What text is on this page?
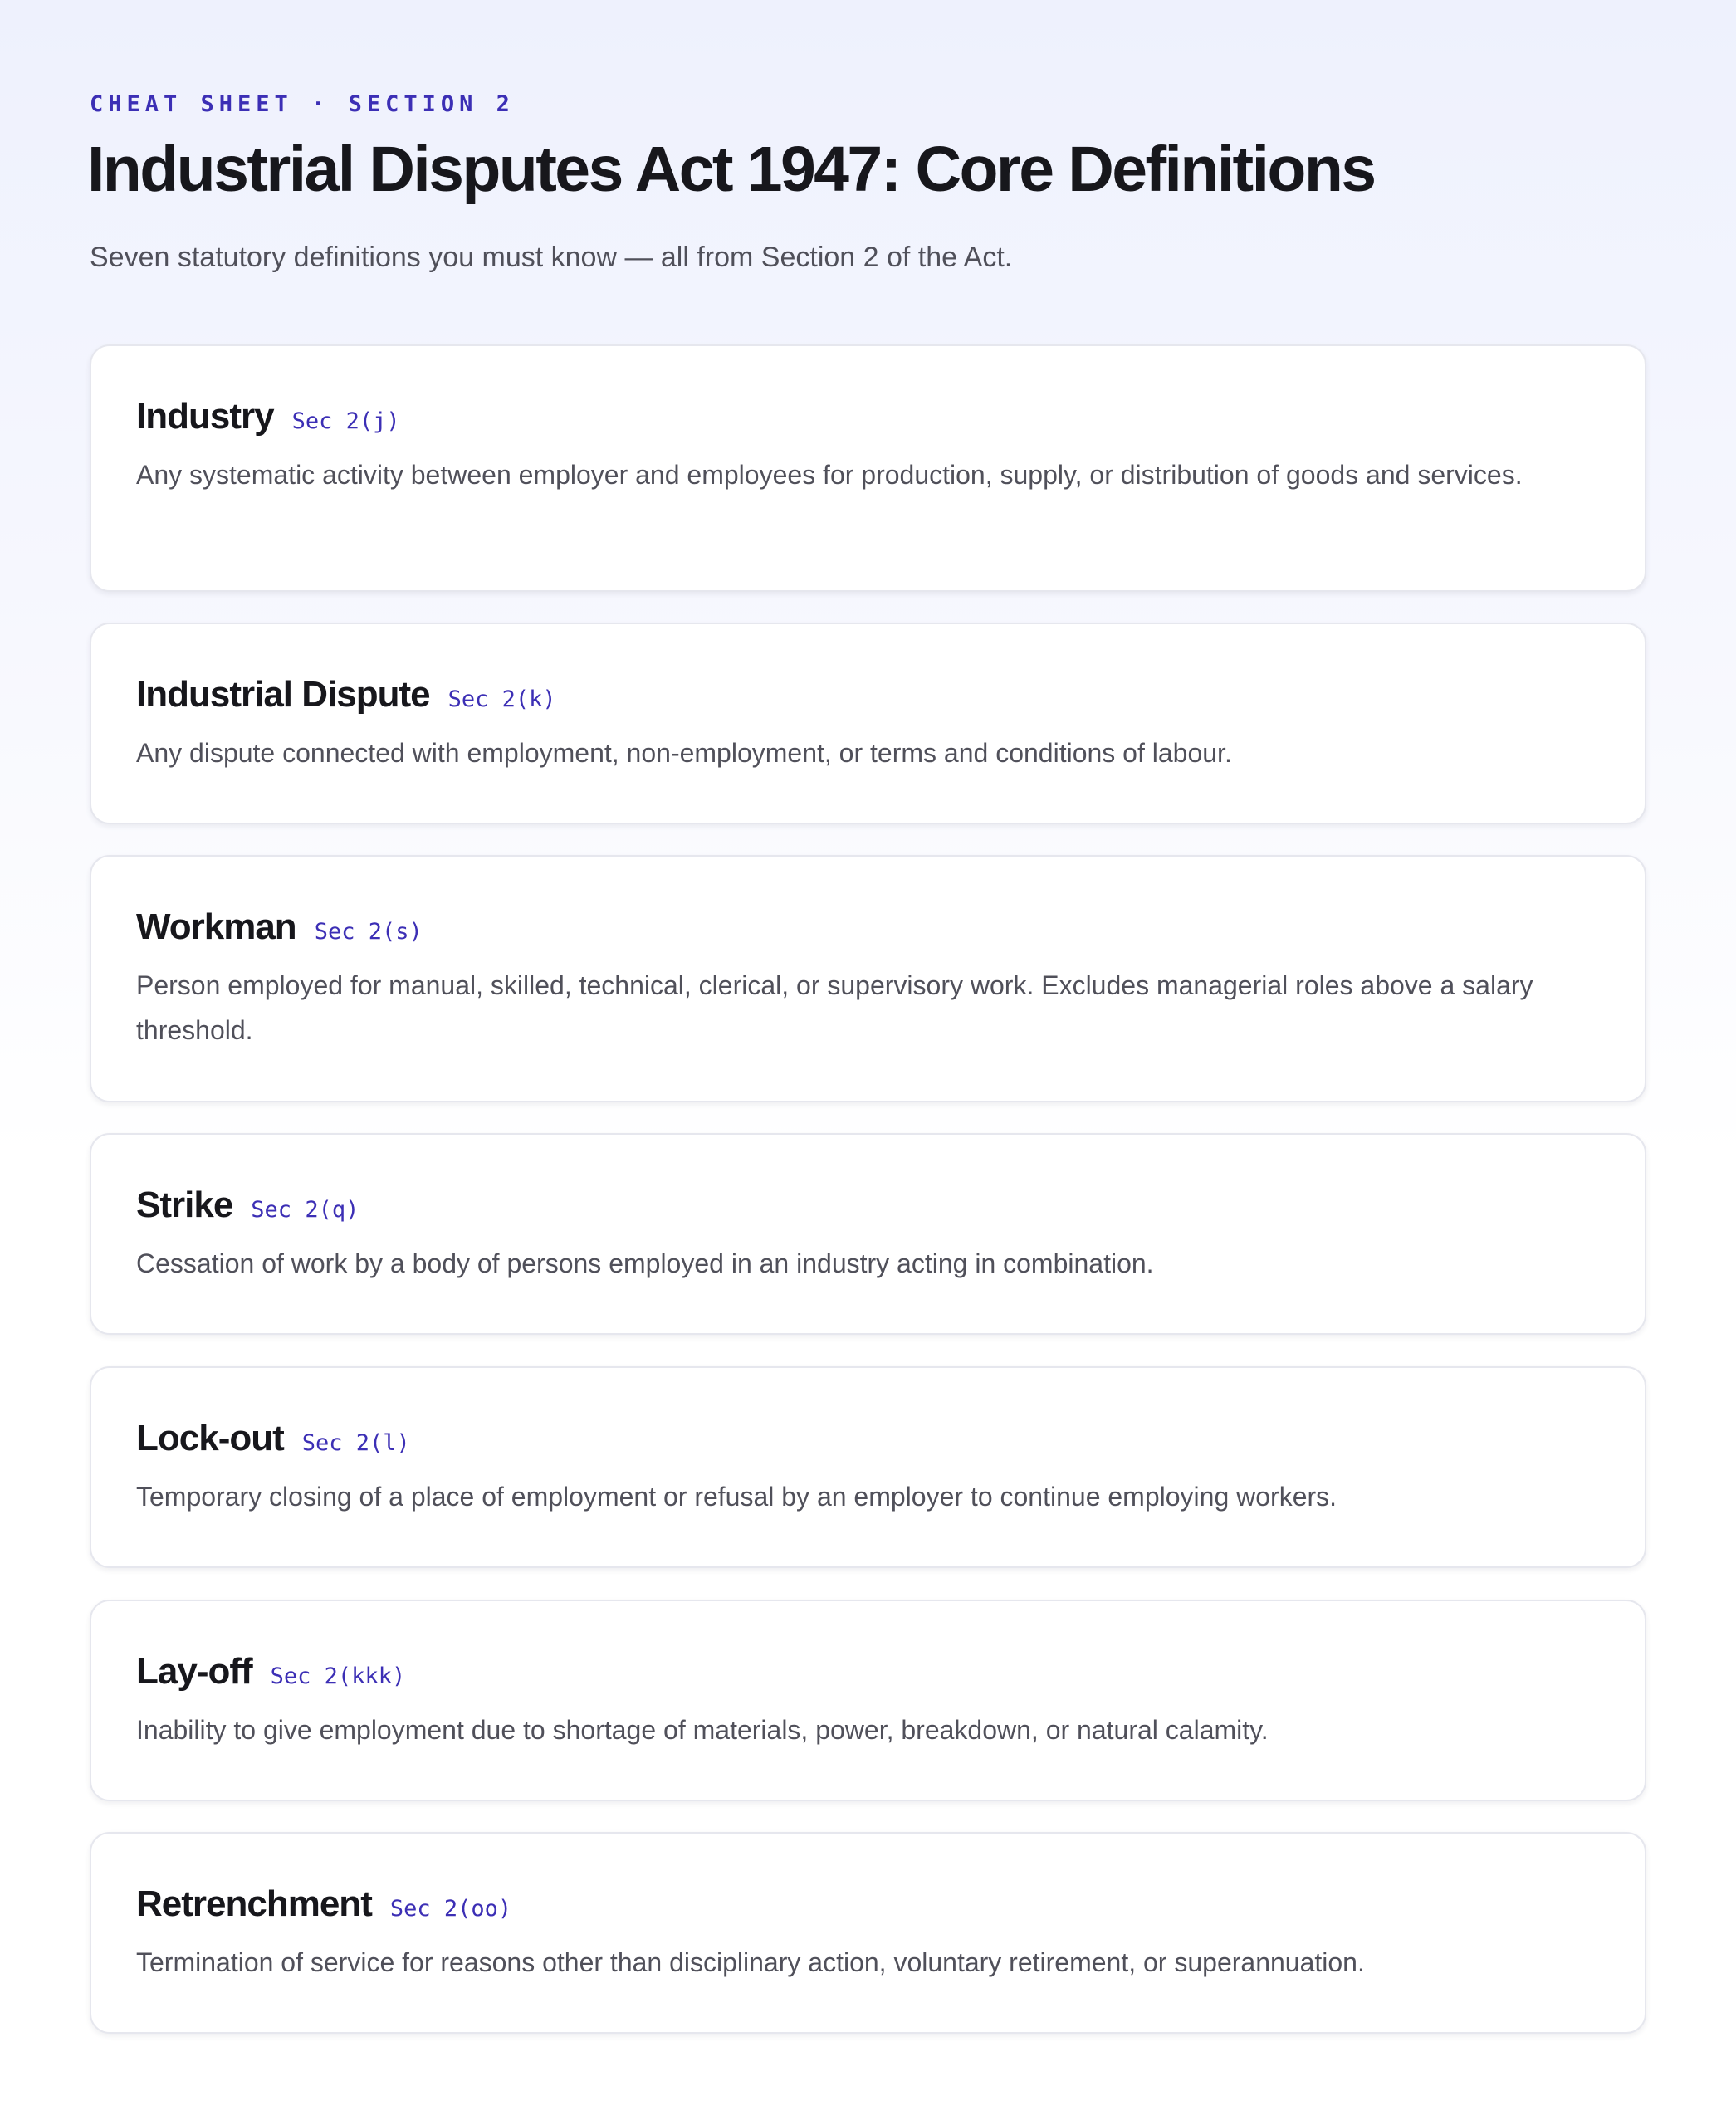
CHEAT SHEET · SECTION 2
Industrial Disputes Act 1947: Core Definitions
Seven statutory definitions you must know — all from Section 2 of the Act.
Industry Sec 2(j)

Any systematic activity between employer and employees for production, supply, or distribution of goods and services.

Industrial Dispute Sec 2(k)

Any dispute connected with employment, non-employment, or terms and conditions of labour.

Workman Sec 2(s)

Person employed for manual, skilled, technical, clerical, or supervisory work. Excludes managerial roles above a salary threshold.

Strike Sec 2(q)

Cessation of work by a body of persons employed in an industry acting in combination.

Lock-out Sec 2(l)

Temporary closing of a place of employment or refusal by an employer to continue employing workers.

Lay-off Sec 2(kkk)

Inability to give employment due to shortage of materials, power, breakdown, or natural calamity.

Retrenchment Sec 2(oo)

Termination of service for reasons other than disciplinary action, voluntary retirement, or superannuation.
